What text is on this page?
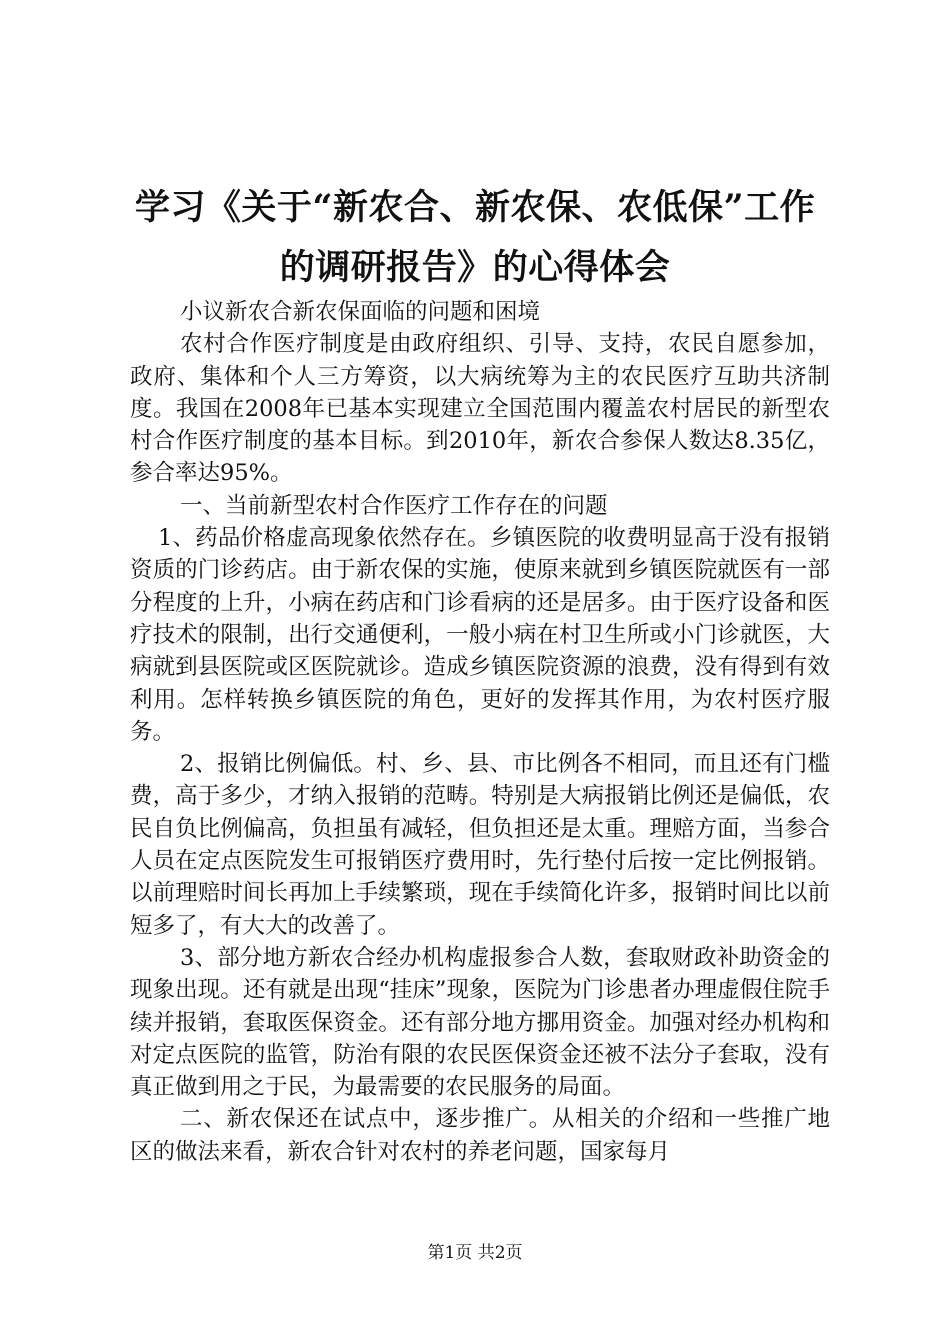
学习《关于“新农合、新农保、农低保”工作
的调研报告》的心得体会

小议新农合新农保面临的问题和困境

农村合作医疗制度是由政府组织、引导、支持，农民自愿参加，政府、集体和个人三方筹资，以大病统筹为主的农民医疗互助共济制度。我国在2008年已基本实现建立全国范围内覆盖农村居民的新型农村合作医疗制度的基本目标。到2010年，新农合参保人数达8.35亿，参合率达95%。

一、当前新型农村合作医疗工作存在的问题

1、药品价格虚高现象依然存在。乡镇医院的收费明显高于没有报销资质的门诊药店。由于新农保的实施，使原来就到乡镇医院就医有一部分程度的上升，小病在药店和门诊看病的还是居多。由于医疗设备和医疗技术的限制，出行交通便利，一般小病在村卫生所或小门诊就医，大病就到县医院或区医院就诊。造成乡镇医院资源的浪费，没有得到有效利用。怎样转换乡镇医院的角色，更好的发挥其作用，为农村医疗服务。

2、报销比例偏低。村、乡、县、市比例各不相同，而且还有门槛费，高于多少，才纳入报销的范畴。特别是大病报销比例还是偏低，农民自负比例偏高，负担虽有减轻，但负担还是太重。理赔方面，当参合人员在定点医院发生可报销医疗费用时，先行垫付后按一定比例报销。以前理赔时间长再加上手续繁琐，现在手续简化许多，报销时间比以前短多了，有大大的改善了。

3、部分地方新农合经办机构虚报参合人数，套取财政补助资金的现象出现。还有就是出现“挂床”现象，医院为门诊患者办理虚假住院手续并报销，套取医保资金。还有部分地方挪用资金。加强对经办机构和对定点医院的监管，防治有限的农民医保资金还被不法分子套取，没有真正做到用之于民，为最需要的农民服务的局面。

二、新农保还在试点中，逐步推广。从相关的介绍和一些推广地区的做法来看，新农合针对农村的养老问题，国家每月

第1页 共2页
